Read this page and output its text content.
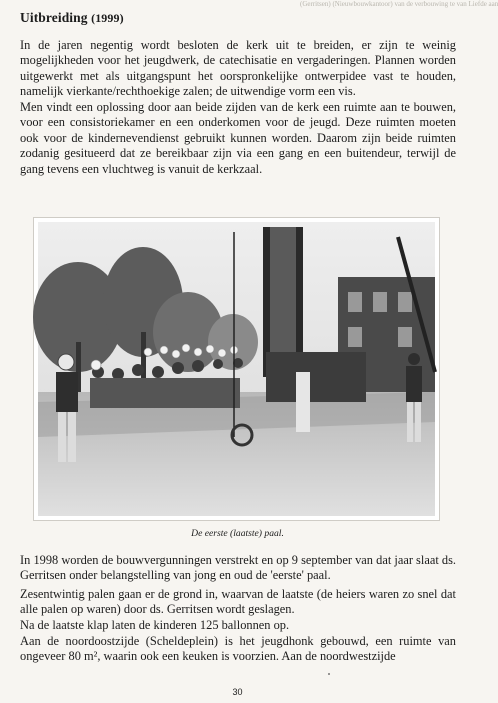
(Gerritsen) (Nieuwbouwkantoor) van de verbouwing te van Liefde aan
Uitbreiding (1999)

In de jaren negentig wordt besloten de kerk uit te breiden, er zijn te weinig mogelijkheden voor het jeugdwerk, de catechisatie en vergaderingen. Plannen worden uitgewerkt met als uitgangspunt het oorspronkelijke ontwerpidee vast te houden, namelijk vierkante/rechthoekige zalen; de uitwendige vorm een vis.

Men vindt een oplossing door aan beide zijden van de kerk een ruimte aan te bouwen, voor een consistoriekamer en een onderkomen voor de jeugd. Deze ruimten moeten ook voor de kindernevendienst gebruikt kunnen worden. Daarom zijn beide ruimten zodanig gesitueerd dat ze bereikbaar zijn via een gang en een buitendeur, terwijl de gang tevens een vluchtweg is vanuit de kerkzaal.

De eerste (laatste) paal.

In 1998 worden de bouwvergunningen verstrekt en op 9 september van dat jaar slaat ds. Gerritsen onder belangstelling van jong en oud de 'eerste' paal.

Zesentwintig palen gaan er de grond in, waarvan de laatste (de heiers waren zo snel dat alle palen op waren) door ds. Gerritsen wordt geslagen.

Na de laatste klap laten de kinderen 125 ballonnen op.

Aan de noordoostzijde (Scheldeplein) is het jeugdhonk gebouwd, een ruimte van ongeveer 80 m², waarin ook een keuken is voorzien. Aan de noordwestzijde

30
